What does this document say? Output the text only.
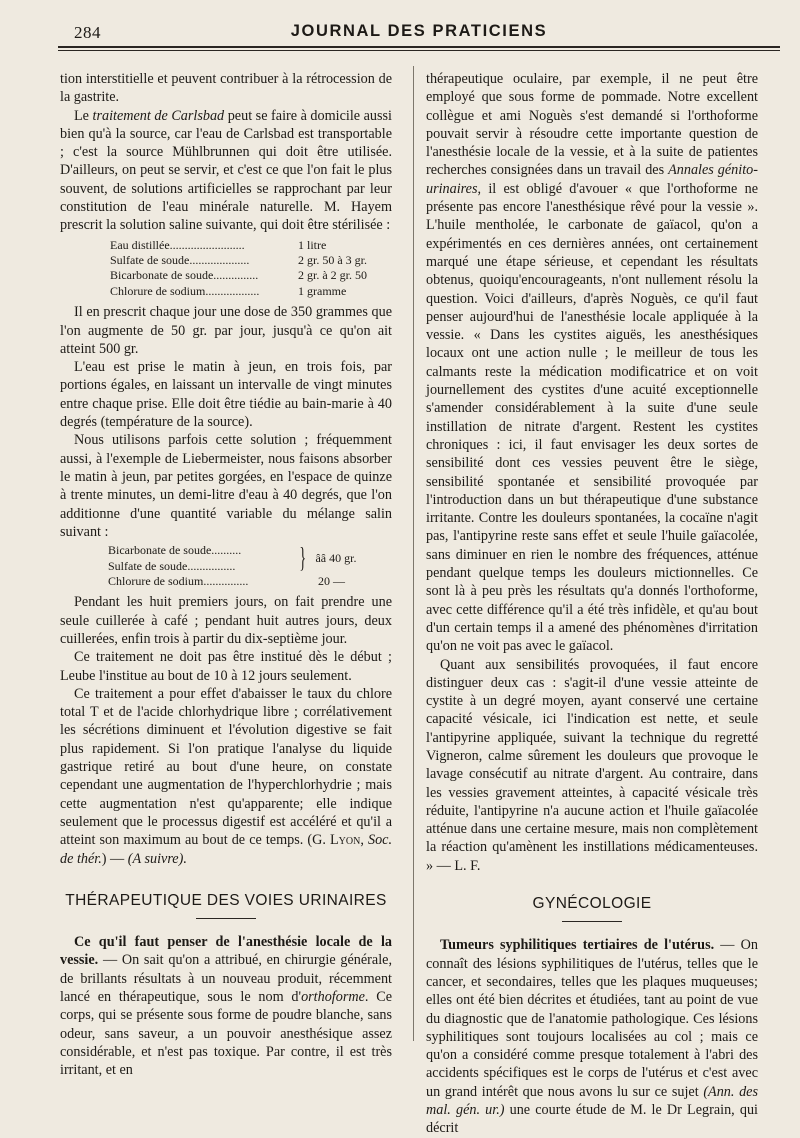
284	JOURNAL DES PRATICIENS

tion interstitielle et peuvent contribuer à la rétrocession de la gastrite.

Le traitement de Carlsbad peut se faire à domicile aussi bien qu'à la source, car l'eau de Carlsbad est transportable ; c'est la source Mühlbrunnen qui doit être utilisée. D'ailleurs, on peut se servir, et c'est ce que l'on fait le plus souvent, de solutions artificielles se rapprochant par leur constitution de l'eau minérale naturelle. M. Hayem prescrit la solution saline suivante, qui doit être stérilisée :

Eau distillée.........................	1 litre
Sulfate de soude....................	2 gr. 50 à 3 gr.
Bicarbonate de soude...............	2 gr. à 2 gr. 50
Chlorure de sodium..................	1 gramme

Il en prescrit chaque jour une dose de 350 grammes que l'on augmente de 50 gr. par jour, jusqu'à ce qu'on ait atteint 500 gr.

L'eau est prise le matin à jeun, en trois fois, par portions égales, en laissant un intervalle de vingt minutes entre chaque prise. Elle doit être tiédie au bain-marie à 40 degrés (température de la source).

Nous utilisons parfois cette solution ; fréquemment aussi, à l'exemple de Liebermeister, nous faisons absorber le matin à jeun, par petites gorgées, en l'espace de quinze à trente minutes, un demi-litre d'eau à 40 degrés, que l'on additionne d'une quantité variable du mélange salin suivant :

Bicarbonate de soude..........
Sulfate de soude................	} ââ 40 gr.
Chlorure de sodium...............	20 —

Pendant les huit premiers jours, on fait prendre une seule cuillerée à café ; pendant huit autres jours, deux cuillerées, enfin trois à partir du dix-septième jour.

Ce traitement ne doit pas être institué dès le début ; Leube l'institue au bout de 10 à 12 jours seulement.

Ce traitement a pour effet d'abaisser le taux du chlore total T et de l'acide chlorhydrique libre ; corrélativement les sécrétions diminuent et l'évolution digestive se fait plus rapidement. Si l'on pratique l'analyse du liquide gastrique retiré au bout d'une heure, on constate cependant une augmentation de l'hyperchlorhydrie ; mais cette augmentation n'est qu'apparente; elle indique seulement que le processus digestif est accéléré et qu'il a atteint son maximum au bout de ce temps. (G. Lyon, Soc. de thér.) — (A suivre).

THÉRAPEUTIQUE DES VOIES URINAIRES

Ce qu'il faut penser de l'anesthésie locale de la vessie. — On sait qu'on a attribué, en chirurgie générale, de brillants résultats à un nouveau produit, récemment lancé en thérapeutique, sous le nom d'orthoforme. Ce corps, qui se présente sous forme de poudre blanche, sans odeur, sans saveur, a un pouvoir anesthésique assez considérable, et n'est pas toxique. Par contre, il est très irritant, et en

thérapeutique oculaire, par exemple, il ne peut être employé que sous forme de pommade. Notre excellent collègue et ami Noguès s'est demandé si l'orthoforme pouvait servir à résoudre cette importante question de l'anesthésie locale de la vessie, et à la suite de patientes recherches consignées dans un travail des Annales génito-urinaires, il est obligé d'avouer « que l'orthoforme ne présente pas encore l'anesthésique rêvé pour la vessie ». L'huile mentholée, le carbonate de gaïacol, qu'on a expérimentés en ces dernières années, ont certainement marqué une étape sérieuse, et cependant les résultats obtenus, quoiqu'encourageants, n'ont nullement résolu la question. Voici d'ailleurs, d'après Noguès, ce qu'il faut penser aujourd'hui de l'anesthésie locale appliquée à la vessie. « Dans les cystites aiguës, les anesthésiques locaux ont une action nulle ; le meilleur de tous les calmants reste la médication modificatrice et on voit journellement des cystites d'une acuité exceptionnelle s'amender considérablement à la suite d'une seule instillation de nitrate d'argent. Restent les cystites chroniques : ici, il faut envisager les deux sortes de sensibilité dont ces vessies peuvent être le siège, sensibilité spontanée et sensibilité provoquée par l'introduction dans un but thérapeutique d'une substance irritante. Contre les douleurs spontanées, la cocaïne n'agit pas, l'antipyrine reste sans effet et seule l'huile gaïacolée, sans diminuer en rien le nombre des fréquences, atténue pendant quelque temps les douleurs mictionnelles. Ce sont là à peu près les résultats qu'a donnés l'orthoforme, avec cette différence qu'il a été très infidèle, et qu'au bout d'un certain temps il a amené des phénomènes d'irritation qu'on ne voit pas avec le gaïacol.

Quant aux sensibilités provoquées, il faut encore distinguer deux cas : s'agit-il d'une vessie atteinte de cystite à un degré moyen, ayant conservé une certaine capacité vésicale, ici l'indication est nette, et seule l'antipyrine appliquée, suivant la technique du regretté Vigneron, calme sûrement les douleurs que provoque le lavage consécutif au nitrate d'argent. Au contraire, dans les vessies gravement atteintes, à capacité vésicale très réduite, l'antipyrine n'a aucune action et l'huile gaïacolée atténue dans une certaine mesure, mais non complètement la réaction qu'amènent les instillations médicamenteuses. » — L. F.

GYNÉCOLOGIE

Tumeurs syphilitiques tertiaires de l'utérus. — On connaît des lésions syphilitiques de l'utérus, telles que le cancer, et secondaires, telles que les plaques muqueuses; elles ont été bien décrites et étudiées, tant au point de vue du diagnostic que de l'anatomie pathologique. Ces lésions syphilitiques sont toujours localisées au col ; mais ce qu'on a considéré comme presque totalement à l'abri des accidents spécifiques est le corps de l'utérus et c'est avec un grand intérêt que nous avons lu sur ce sujet (Ann. des mal. gén. ur.) une courte étude de M. le Dr Legrain, qui décrit
